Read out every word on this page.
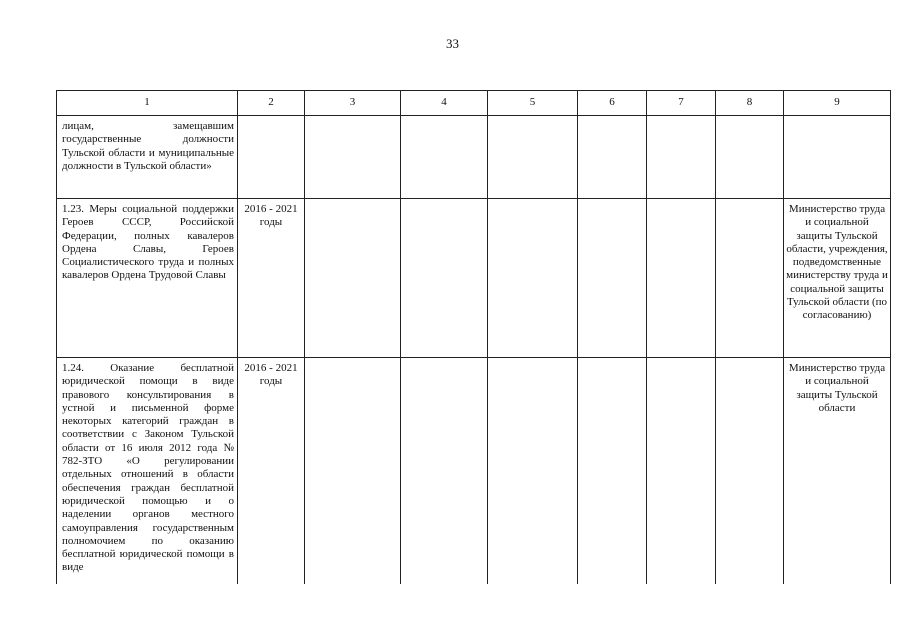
33
1	2	3	4	5	6	7	8	9
лицам, замещавшим государственные должности Тульской области и муниципальные должности в Тульской области»								
1.23. Меры социальной поддержки Героев СССР, Российской Федерации, полных кавалеров Ордена Славы, Героев Социалистического труда и полных кавалеров Ордена Трудовой Славы	2016 - 2021 годы							Министерство труда и социальной защиты Тульской области, учреждения, подведомственные министерству труда и социальной защиты Тульской области (по согласованию)
1.24. Оказание бесплатной юридической помощи в виде правового консультирования в устной и письменной форме некоторых категорий граждан в соответствии с Законом Тульской области от 16 июля 2012 года № 782-ЗТО «О регулировании отдельных отношений в области обеспечения граждан бесплатной юридической помощью и о наделении органов местного самоуправления государственным полномочием по оказанию бесплатной юридической помощи в виде	2016 - 2021 годы							Министерство труда и социальной защиты Тульской области
